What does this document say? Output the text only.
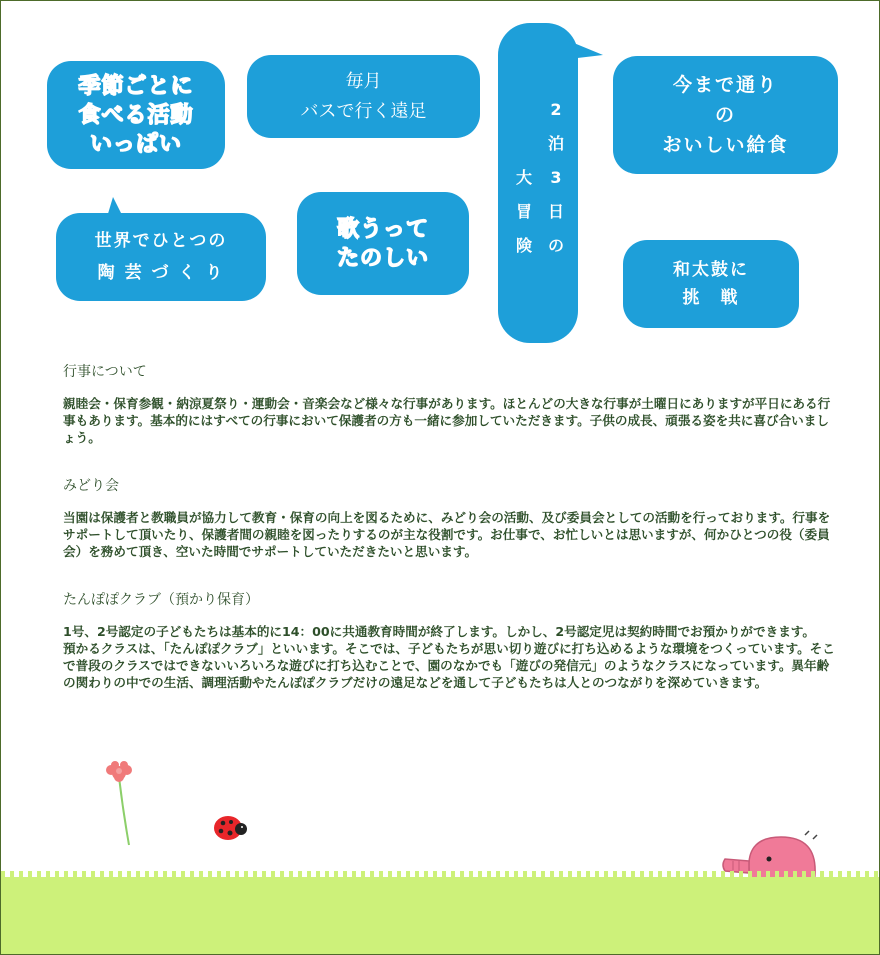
季節ごとに
食べる活動
いっぱい
毎月
バスで行く遠足	2
泊
3
日
の
大
冒
険
今まで通り
の
おいしい給食
世界でひとつの
陶 芸 づ く り
歌うって
たのしい	和太鼓に
挑　戦
行事について

親睦会・保育参観・納涼夏祭り・運動会・音楽会など様々な行事があります。ほとんどの大きな行事が土曜日にありますが平日にある行事もあります。基本的にはすべての行事において保護者の方も一緒に参加していただきます。子供の成長、頑張る姿を共に喜び合いましょう。

みどり会

当園は保護者と教職員が協力して教育・保育の向上を図るために、みどり会の活動、及び委員会としての活動を行っております。行事をサポートして頂いたり、保護者間の親睦を図ったりするのが主な役割です。お仕事で、お忙しいとは思いますが、何かひとつの役（委員会）を務めて頂き、空いた時間でサポートしていただきたいと思います。

たんぽぽクラブ（預かり保育）

1号、2号認定の子どもたちは基本的に14：00に共通教育時間が終了します。しかし、2号認定児は契約時間でお預かりができます。

預かるクラスは、「たんぽぽクラブ」といいます。そこでは、子どもたちが思い切り遊びに打ち込めるような環境をつくっています。そこで普段のクラスではできないいろいろな遊びに打ち込むことで、園のなかでも「遊びの発信元」のようなクラスになっています。異年齢の関わりの中での生活、調理活動やたんぽぽクラブだけの遠足などを通して子どもたちは人とのつながりを深めていきます。
